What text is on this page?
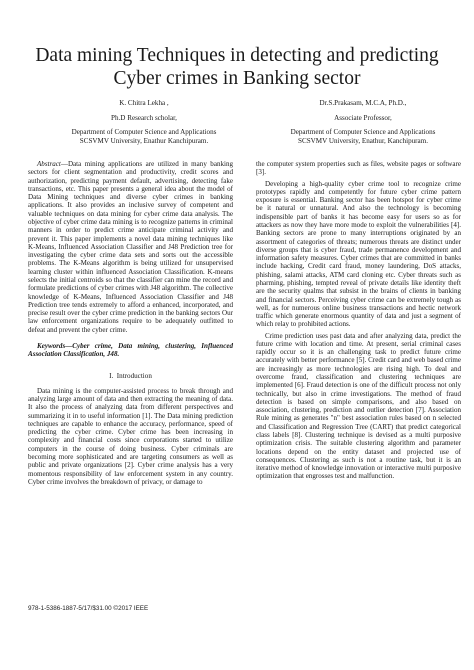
Data mining Techniques in detecting and predicting
Cyber crimes in Banking sector
K. Chitra Lekha ,
Ph.D Research scholar,
Department of Computer Science and Applications
SCSVMV University, Enathur Kanchipuram.
Dr.S.Prakasam, M.C.A, Ph.D.,
Associate Professor,
Department of Computer Science and Applications
SCSVMV University, Enathur, Kanchipuram.

Abstract—Data mining applications are utilized in many banking sectors for client segmentation and productivity, credit scores and authorization, predicting payment default, advertising, detecting fake transactions, etc. This paper presents a general idea about the model of Data Mining techniques and diverse cyber crimes in banking applications. It also provides an inclusive survey of competent and valuable techniques on data mining for cyber crime data analysis. The objective of cyber crime data mining is to recognize patterns in criminal manners in order to predict crime anticipate criminal activity and prevent it. This paper implements a novel data mining techniques like K-Means, Influenced Association Classifier and J48 Prediction tree for investigating the cyber crime data sets and sorts out the accessible problems. The K-Means algorithm is being utilized for unsupervised learning cluster within influenced Association Classification. K-means selects the initial centroids so that the classifier can mine the record and formulate predictions of cyber crimes with J48 algorithm. The collective knowledge of K-Means, Influenced Association Classifier and J48 Prediction tree tends extremely to afford a enhanced, incorporated, and precise result over the cyber crime prediction in the banking sectors Our law enforcement organizations require to be adequately outfitted to defeat and prevent the cyber crime.

Keywords—Cyber crime, Data mining, clustering, Influenced Association Classification, J48.

I. Introduction

Data mining is the computer-assisted process to break through and analyzing large amount of data and then extracting the meaning of data. It also the process of analyzing data from different perspectives and summarizing it in to useful information [1]. The Data mining prediction techniques are capable to enhance the accuracy, performance, speed of predicting the cyber crime. Cyber crime has been increasing in complexity and financial costs since corporations started to utilize computers in the course of doing business. Cyber criminals are becoming more sophisticated and are targeting consumers as well as public and private organizations [2]. Cyber crime analysis has a very momentous responsibility of law enforcement system in any country. Cyber crime involves the breakdown of privacy, or damage to

the computer system properties such as files, website pages or software [3].

Developing a high-quality cyber crime tool to recognize crime prototypes rapidly and competently for future cyber crime pattern exposure is essential. Banking sector has been hotspot for cyber crime be it natural or unnatural. And also the technology is becoming indispensible part of banks it has become easy for users so as for attackers as now they have more mode to exploit the vulnerabilities [4]. Banking sectors are prone to many interruptions originated by an assortment of categories of threats; numerous threats are distinct under diverse groups that is cyber fraud, trade permanence development and information safety measures. Cyber crimes that are committed in banks include hacking, Credit card fraud, money laundering, DoS attacks, phishing, salami attacks, ATM card cloning etc. Cyber threats such as pharming, phishing, tempted reveal of private details like identity theft are the security qualms that subsist in the brains of clients in banking and financial sectors. Perceiving cyber crime can be extremely tough as well, as for numerous online business transactions and hectic network traffic which generate enormous quantity of data and just a segment of which relay to prohibited actions.

Crime prediction uses past data and after analyzing data, predict the future crime with location and time. At present, serial criminal cases rapidly occur so it is an challenging task to predict future crime accurately with better performance [5]. Credit card and web based crime are increasingly as more technologies are rising high. To deal and overcome fraud, classification and clustering techniques are implemented [6]. Fraud detection is one of the difficult process not only technically, but also in crime investigations. The method of fraud detection is based on simple comparisons, and also based on association, clustering, prediction and outlier detection [7]. Association Rule mining as generates "n" best association rules based on n selected and Classification and Regression Tree (CART) that predict categorical class labels [8]. Clustering technique is devised as a multi purposive optimization crisis. The suitable clustering algorithm and parameter locations depend on the entity dataset and projected use of consequences. Clustering as such is not a routine task, but it is an iterative method of knowledge innovation or interactive multi purposive optimization that engrosses test and malfunction.

978-1-5386-1887-5/17/$31.00 ©2017 IEEE
